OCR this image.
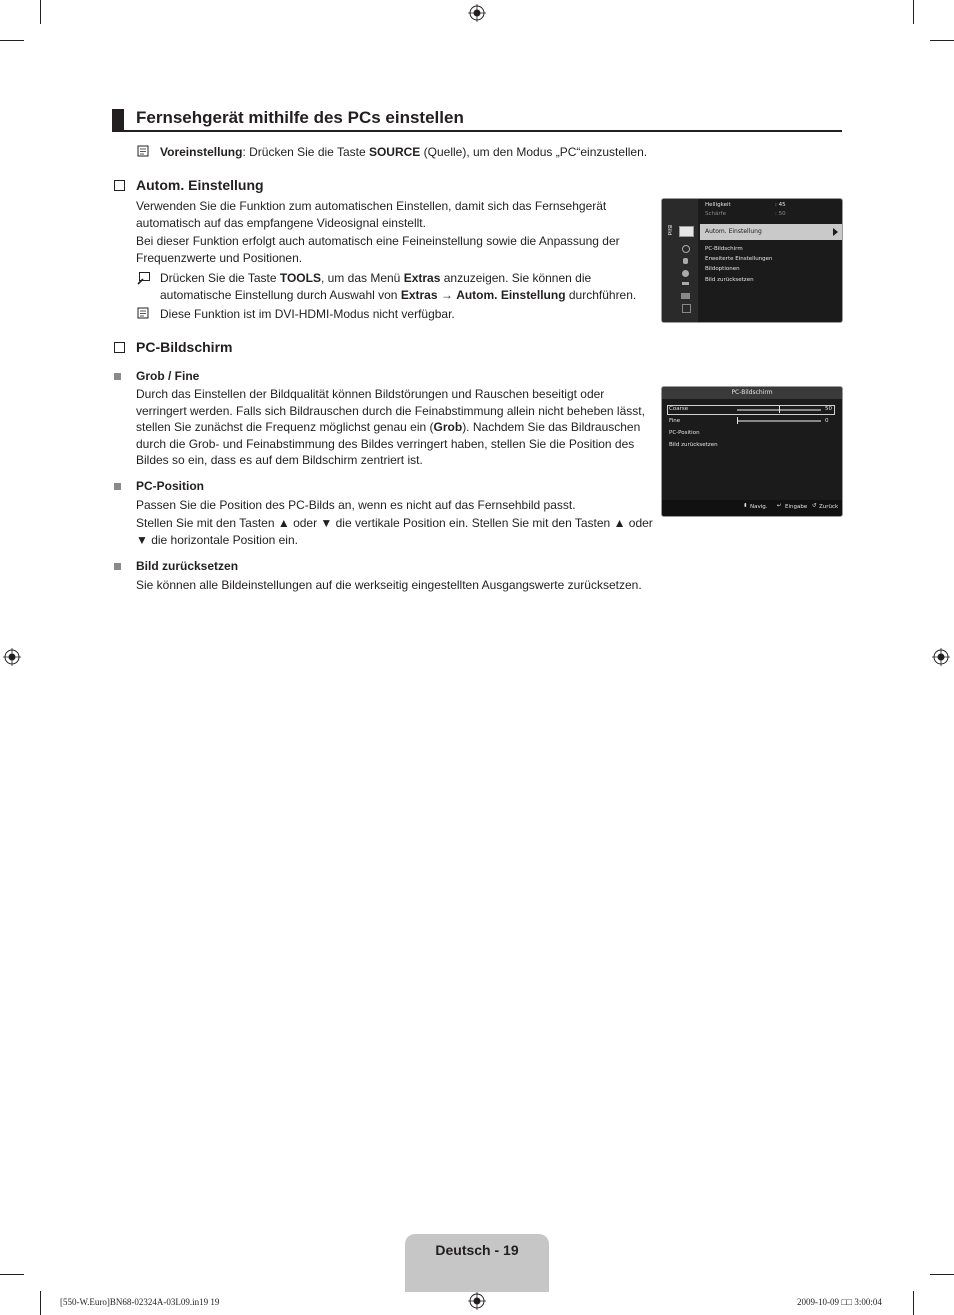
Fernsehgerät mithilfe des PCs einstellen
Voreinstellung: Drücken Sie die Taste SOURCE (Quelle), um den Modus „PC“einzustellen.
Autom. Einstellung
Verwenden Sie die Funktion zum automatischen Einstellen, damit sich das Fernsehgerät automatisch auf das empfangene Videosignal einstellt.
Bei dieser Funktion erfolgt auch automatisch eine Feineinstellung sowie die Anpassung der Frequenzwerte und Positionen.
Drücken Sie die Taste TOOLS, um das Menü Extras anzuzeigen. Sie können die automatische Einstellung durch Auswahl von Extras → Autom. Einstellung durchführen.
Diese Funktion ist im DVI-HDMI-Modus nicht verfügbar.
Bild
Helligkeit	: 45
Schärfe	: 50
Autom. Einstellung
PC-Bildschirm
Erweiterte Einstellungen
Bildoptionen
Bild zurücksetzen
PC-Bildschirm
Grob / Fine
Durch das Einstellen der Bildqualität können Bildstörungen und Rauschen beseitigt oder verringert werden. Falls sich Bildrauschen durch die Feinabstimmung allein nicht beheben lässt, stellen Sie zunächst die Frequenz möglichst genau ein (Grob). Nachdem Sie das Bildrauschen durch die Grob- und Feinabstimmung des Bildes verringert haben, stellen Sie die Position des Bildes so ein, dass es auf dem Bildschirm zentriert ist.
PC-Position
Passen Sie die Position des PC-Bilds an, wenn es nicht auf das Fernsehbild passt.
Stellen Sie mit den Tasten ▲ oder ▼ die vertikale Position ein. Stellen Sie mit den Tasten ▲ oder ▼ die horizontale Position ein.
Bild zurücksetzen
Sie können alle Bildeinstellungen auf die werkseitig eingestellten Ausgangswerte zurücksetzen.
PC-Bildschirm
Coarse	50
Fine	0
PC-Position
Bild zurücksetzen
⬍ Navig. ↵ Eingabe ↺ Zurück
Deutsch - 19
[550-W.Euro]BN68-02324A-03L09.in19 19	2009-10-09 □□ 3:00:04
